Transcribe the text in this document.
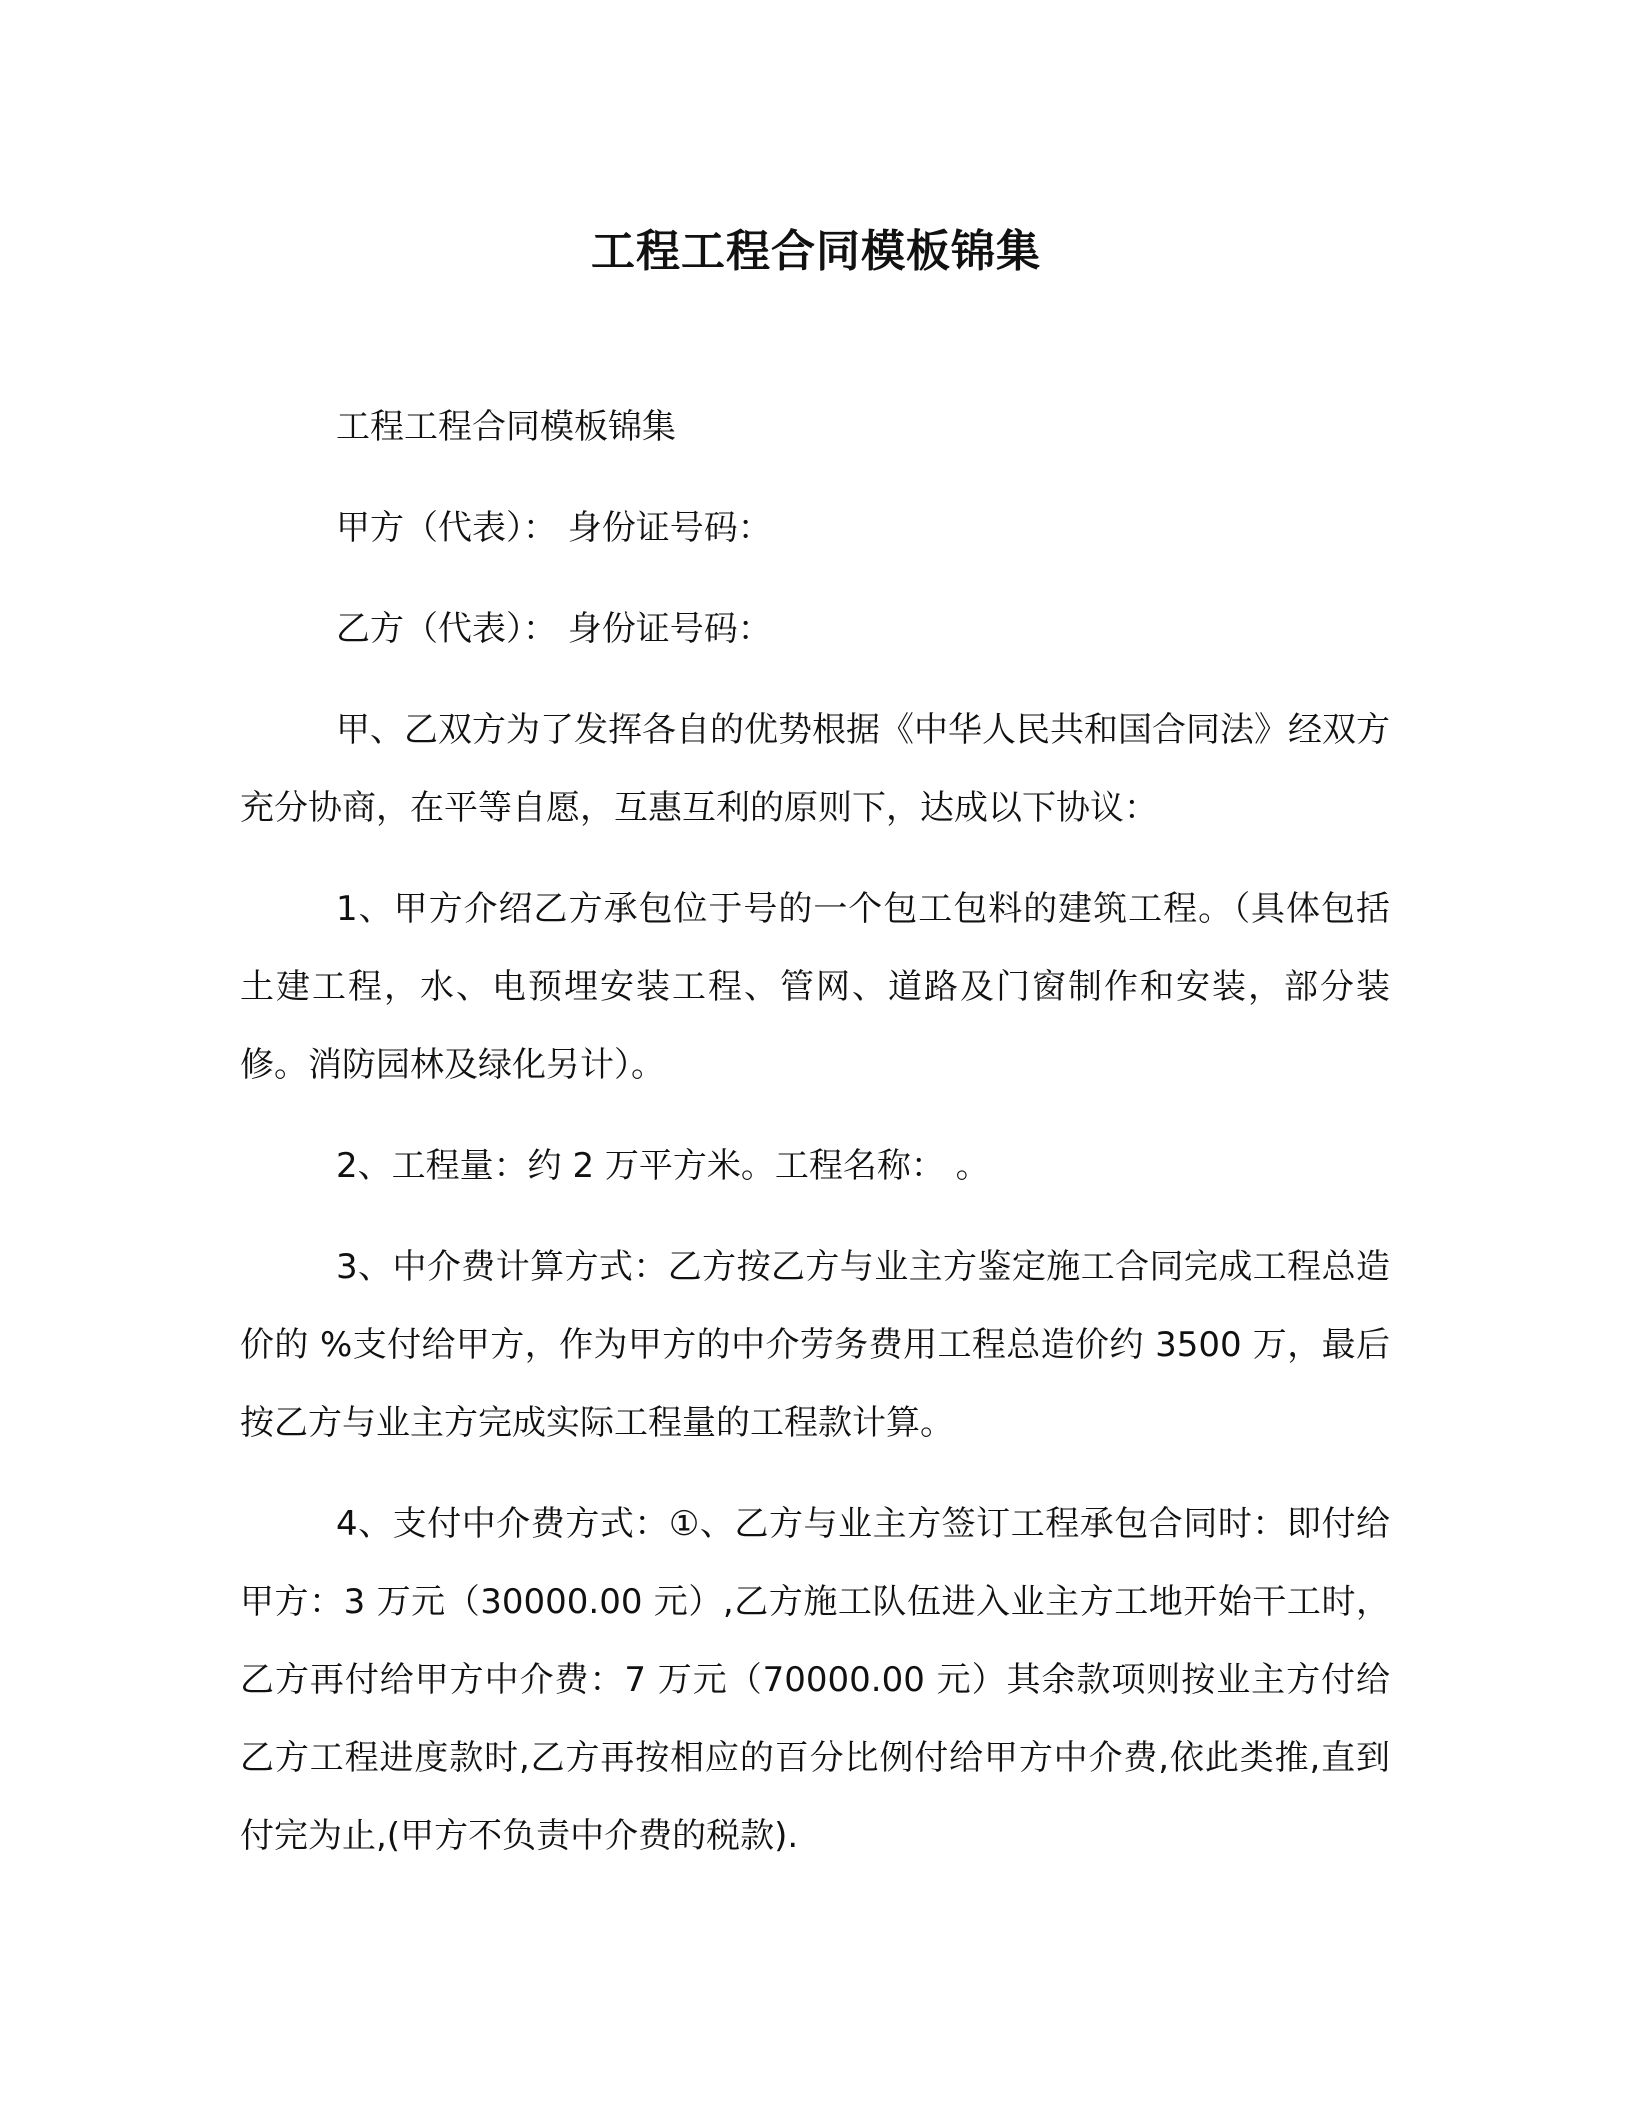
工程工程合同模板锦集

工程工程合同模板锦集

甲方（代表）： 身份证号码：

乙方（代表）： 身份证号码：

甲、乙双方为了发挥各自的优势根据《中华人民共和国合同法》经双方充分协商，在平等自愿，互惠互利的原则下，达成以下协议：

1、甲方介绍乙方承包位于号的一个包工包料的建筑工程。（具体包括土建工程，水、电预埋安装工程、管网、道路及门窗制作和安装，部分装修。消防园林及绿化另计）。

2、工程量：约 2 万平方米。工程名称： 。

3、中介费计算方式：乙方按乙方与业主方鉴定施工合同完成工程总造价的 %支付给甲方，作为甲方的中介劳务费用工程总造价约 3500 万，最后按乙方与业主方完成实际工程量的工程款计算。

4、支付中介费方式：①、乙方与业主方签订工程承包合同时：即付给甲方：3 万元（30000.00 元）,乙方施工队伍进入业主方工地开始干工时，乙方再付给甲方中介费：7 万元（70000.00 元）其余款项则按业主方付给乙方工程进度款时,乙方再按相应的百分比例付给甲方中介费,依此类推,直到付完为止,(甲方不负责中介费的税款).
